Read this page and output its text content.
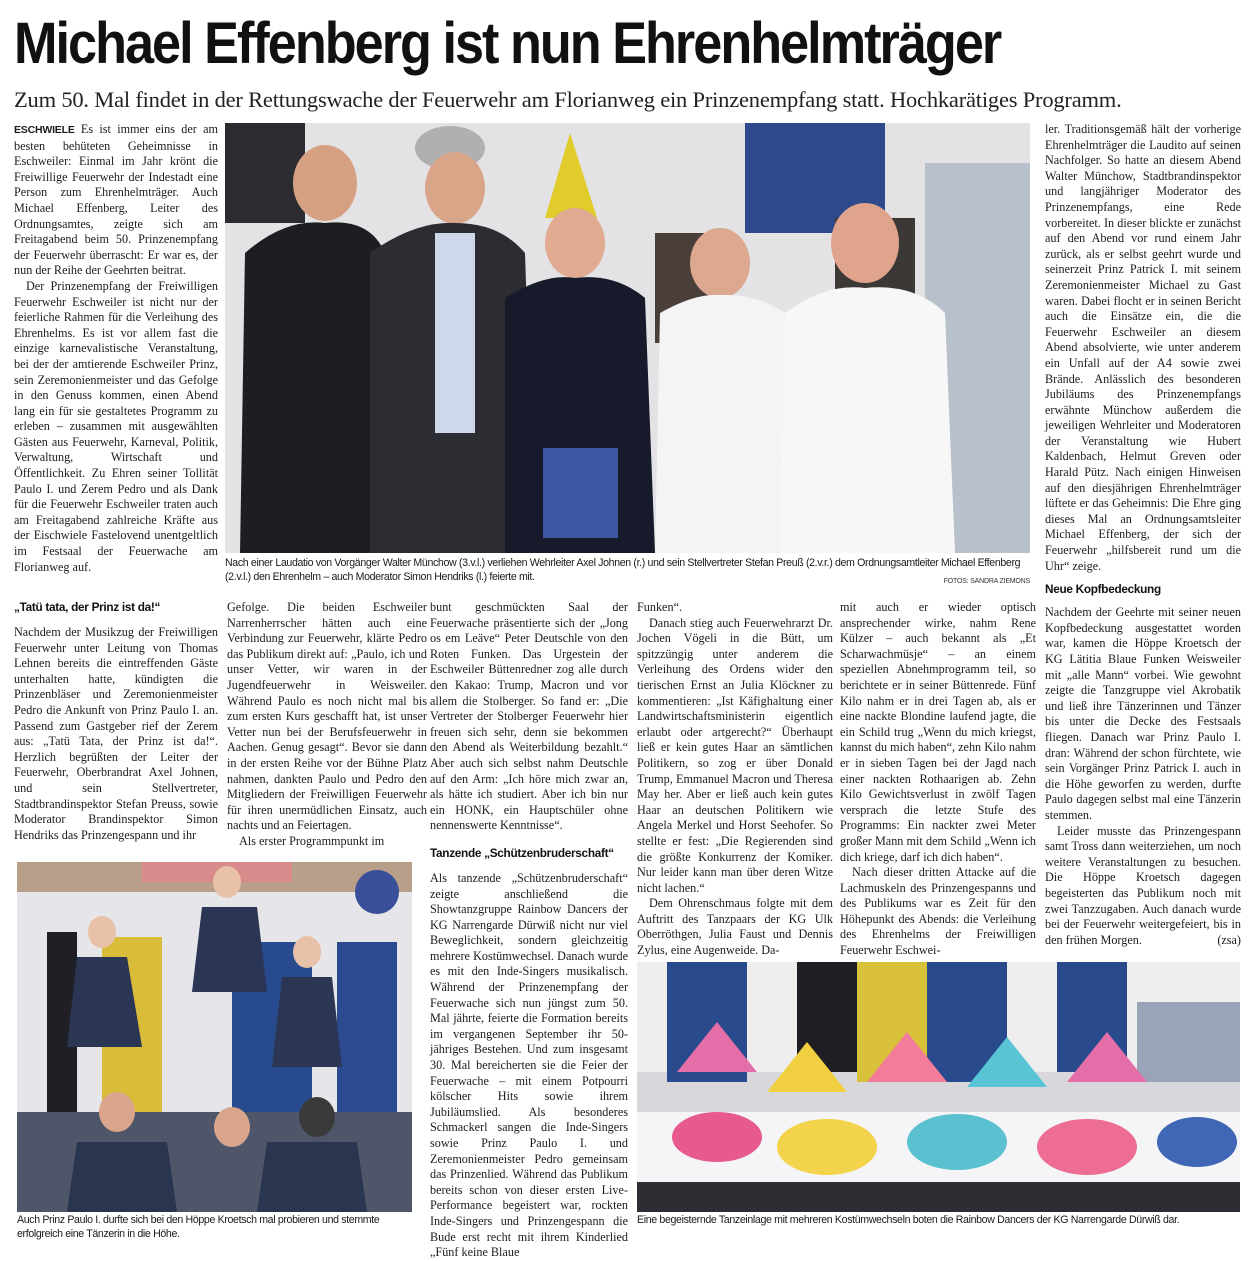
Michael Effenberg ist nun Ehrenhelmträger
Zum 50. Mal findet in der Rettungswache der Feuerwehr am Florianweg ein Prinzenempfang statt. Hochkarätiges Programm.

ESCHWIELE Es ist immer eins der am besten behüteten Geheimnisse in Eschweiler: Einmal im Jahr krönt die Freiwillige Feuerwehr der Indestadt eine Person zum Ehrenhelmträger. Auch Michael Effenberg, Leiter des Ordnungsamtes, zeigte sich am Freitagabend beim 50. Prinzenempfang der Feuerwehr überrascht: Er war es, der nun der Reihe der Geehrten beitrat.

Der Prinzenempfang der Freiwilligen Feuerwehr Eschweiler ist nicht nur der feierliche Rahmen für die Verleihung des Ehrenhelms. Es ist vor allem fast die einzige karnevalistische Veranstaltung, bei der der amtierende Eschweiler Prinz, sein Zeremonienmeister und das Gefolge in den Genuss kommen, einen Abend lang ein für sie gestaltetes Programm zu erleben – zusammen mit ausgewählten Gästen aus Feuerwehr, Karneval, Politik, Verwaltung, Wirtschaft und Öffentlichkeit. Zu Ehren seiner Tollität Paulo I. und Zerem Pedro und als Dank für die Feuerwehr Eschweiler traten auch am Freitagabend zahlreiche Kräfte aus der Eischwiele Fastelovend unentgeltlich im Festsaal der Feuerwache am Florianweg auf.	Nach einer Laudatio von Vorgänger Walter Münchow (3.v.l.) verliehen Wehrleiter Axel Johnen (r.) und sein Stellvertreter Stefan Preuß (2.v.r.) dem Ordnungsamtleiter Michael Effenberg (2.v.l.) den Ehrenhelm – auch Moderator Simon Hendriks (l.) feierte mit.	FOTOS: SANDRA ZIEMONS

ler. Traditionsgemäß hält der vorherige Ehrenhelmträger die Laudito auf seinen Nachfolger. So hatte an diesem Abend Walter Münchow, Stadtbrandinspektor und langjähriger Moderator des Prinzenempfangs, eine Rede vorbereitet. In dieser blickte er zunächst auf den Abend vor rund einem Jahr zurück, als er selbst geehrt wurde und seinerzeit Prinz Patrick I. mit seinem Zeremonienmeister Michael zu Gast waren. Dabei flocht er in seinen Bericht auch die Einsätze ein, die die Feuerwehr Eschweiler an diesem Abend absolvierte, wie unter anderem ein Unfall auf der A4 sowie zwei Brände. Anlässlich des besonderen Jubiläums des Prinzenempfangs erwähnte Münchow außerdem die jeweiligen Wehrleiter und Moderatoren der Veranstaltung wie Hubert Kaldenbach, Helmut Greven oder Harald Pütz. Nach einigen Hinweisen auf den diesjährigen Ehrenhelmträger lüftete er das Geheimnis: Die Ehre ging dieses Mal an Ordnungsamtsleiter Michael Effenberg, der sich der Feuerwehr „hilfsbereit rund um die Uhr“ zeige.

Neue Kopfbedeckung

Nachdem der Geehrte mit seiner neuen Kopfbedeckung ausgestattet worden war, kamen die Höppe Kroetsch der KG Lätitia Blaue Funken Weisweiler mit „alle Mann“ vorbei. Wie gewohnt zeigte die Tanzgruppe viel Akrobatik und ließ ihre Tänzerinnen und Tänzer bis unter die Decke des Festsaals fliegen. Danach war Prinz Paulo I. dran: Während der schon fürchtete, wie sein Vorgänger Prinz Patrick I. auch in die Höhe geworfen zu werden, durfte Paulo dagegen selbst mal eine Tänzerin stemmen.

Leider musste das Prinzengespann samt Tross dann weiterziehen, um noch weitere Veranstaltungen zu besuchen. Die Höppe Kroetsch dagegen begeisterten das Publikum noch mit zwei Tanzzugaben. Auch danach wurde bei der Feuerwehr weitergefeiert, bis in den frühen Morgen.	(zsa)

„Tatü tata, der Prinz ist da!“

Nachdem der Musikzug der Freiwilligen Feuerwehr unter Leitung von Thomas Lehnen bereits die eintreffenden Gäste unterhalten hatte, kündigten die Prinzenbläser und Zeremonienmeister Pedro die Ankunft von Prinz Paulo I. an. Passend zum Gastgeber rief der Zerem aus: „Tatü Tata, der Prinz ist da!“. Herzlich begrüßten der Leiter der Feuerwehr, Oberbrandrat Axel Johnen, und sein Stellvertreter, Stadtbrandinspektor Stefan Preuss, sowie Moderator Brandinspektor Simon Hendriks das Prinzengespann und ihr

Gefolge. Die beiden Eschweiler Narrenherrscher hätten auch eine Verbindung zur Feuerwehr, klärte Pedro das Publikum direkt auf: „Paulo, ich und unser Vetter, wir waren in der Jugendfeuerwehr in Weisweiler. Während Paulo es noch nicht mal bis zum ersten Kurs geschafft hat, ist unser Vetter nun bei der Berufsfeuerwehr in Aachen. Genug gesagt“. Bevor sie dann in der ersten Reihe vor der Bühne Platz nahmen, dankten Paulo und Pedro den Mitgliedern der Freiwilligen Feuerwehr für ihren unermüdlichen Einsatz, auch nachts und an Feiertagen.

Als erster Programmpunkt im

bunt geschmückten Saal der Feuerwache präsentierte sich der „Jong os em Leäve“ Peter Deutschle von den Roten Funken. Das Urgestein der Eschweiler Büttenredner zog alle durch den Kakao: Trump, Macron und vor allem die Stolberger. So fand er: „Die Vertreter der Stolberger Feuerwehr hier freuen sich sehr, denn sie bekommen den Abend als Weiterbildung bezahlt.“ Aber auch sich selbst nahm Deutschle auf den Arm: „Ich höre mich zwar an, als hätte ich studiert. Aber ich bin nur ein HONK, ein Hauptschüler ohne nennenswerte Kenntnisse“.

Tanzende „Schützenbruderschaft“

Als tanzende „Schützenbruderschaft“ zeigte anschließend die Showtanzgruppe Rainbow Dancers der KG Narrengarde Dürwiß nicht nur viel Beweglichkeit, sondern gleichzeitig mehrere Kostümwechsel. Danach wurde es mit den Inde-Singers musikalisch. Während der Prinzenempfang der Feuerwache sich nun jüngst zum 50. Mal jährte, feierte die Formation bereits im vergangenen September ihr 50-jähriges Bestehen. Und zum insgesamt 30. Mal bereicherten sie die Feier der Feuerwache – mit einem Potpourri kölscher Hits sowie ihrem Jubiläumslied. Als besonderes Schmackerl sangen die Inde-Singers sowie Prinz Paulo I. und Zeremonienmeister Pedro gemeinsam das Prinzenlied. Während das Publikum bereits schon von dieser ersten Live-Performance begeistert war, rockten Inde-Singers und Prinzengespann die Bude erst recht mit ihrem Kinderlied „Fünf keine Blaue

Funken“.

Danach stieg auch Feuerwehrarzt Dr. Jochen Vögeli in die Bütt, um spitzzüngig unter anderem die Verleihung des Ordens wider den tierischen Ernst an Julia Klöckner zu kommentieren: „Ist Käfighaltung einer Landwirtschaftsministerin eigentlich erlaubt oder artgerecht?“ Überhaupt ließ er kein gutes Haar an sämtlichen Politikern, so zog er über Donald Trump, Emmanuel Macron und Theresa May her. Aber er ließ auch kein gutes Haar an deutschen Politikern wie Angela Merkel und Horst Seehofer. So stellte er fest: „Die Regierenden sind die größte Konkurrenz der Komiker. Nur leider kann man über deren Witze nicht lachen.“

Dem Ohrenschmaus folgte mit dem Auftritt des Tanzpaars der KG Ulk Oberröthgen, Julia Faust und Dennis Zylus, eine Augenweide. Da-

mit auch er wieder optisch ansprechender wirke, nahm Rene Külzer – auch bekannt als „Et Scharwachmüsje“ – an einem speziellen Abnehmprogramm teil, so berichtete er in seiner Büttenrede. Fünf Kilo nahm er in drei Tagen ab, als er eine nackte Blondine laufend jagte, die ein Schild trug „Wenn du mich kriegst, kannst du mich haben“, zehn Kilo nahm er in sieben Tagen bei der Jagd nach einer nackten Rothaarigen ab. Zehn Kilo Gewichtsverlust in zwölf Tagen versprach die letzte Stufe des Programms: Ein nackter zwei Meter großer Mann mit dem Schild „Wenn ich dich kriege, darf ich dich haben“.

Nach dieser dritten Attacke auf die Lachmuskeln des Prinzengespanns und des Publikums war es Zeit für den Höhepunkt des Abends: die Verleihung des Ehrenhelms der Freiwilligen Feuerwehr Eschwei-

Auch Prinz Paulo I. durfte sich bei den Höppe Kroetsch mal probieren und stemmte erfolgreich eine Tänzerin in die Höhe.
Eine begeisternde Tanzeinlage mit mehreren Kostümwechseln boten die Rainbow Dancers der KG Narrengarde Dürwiß dar.
